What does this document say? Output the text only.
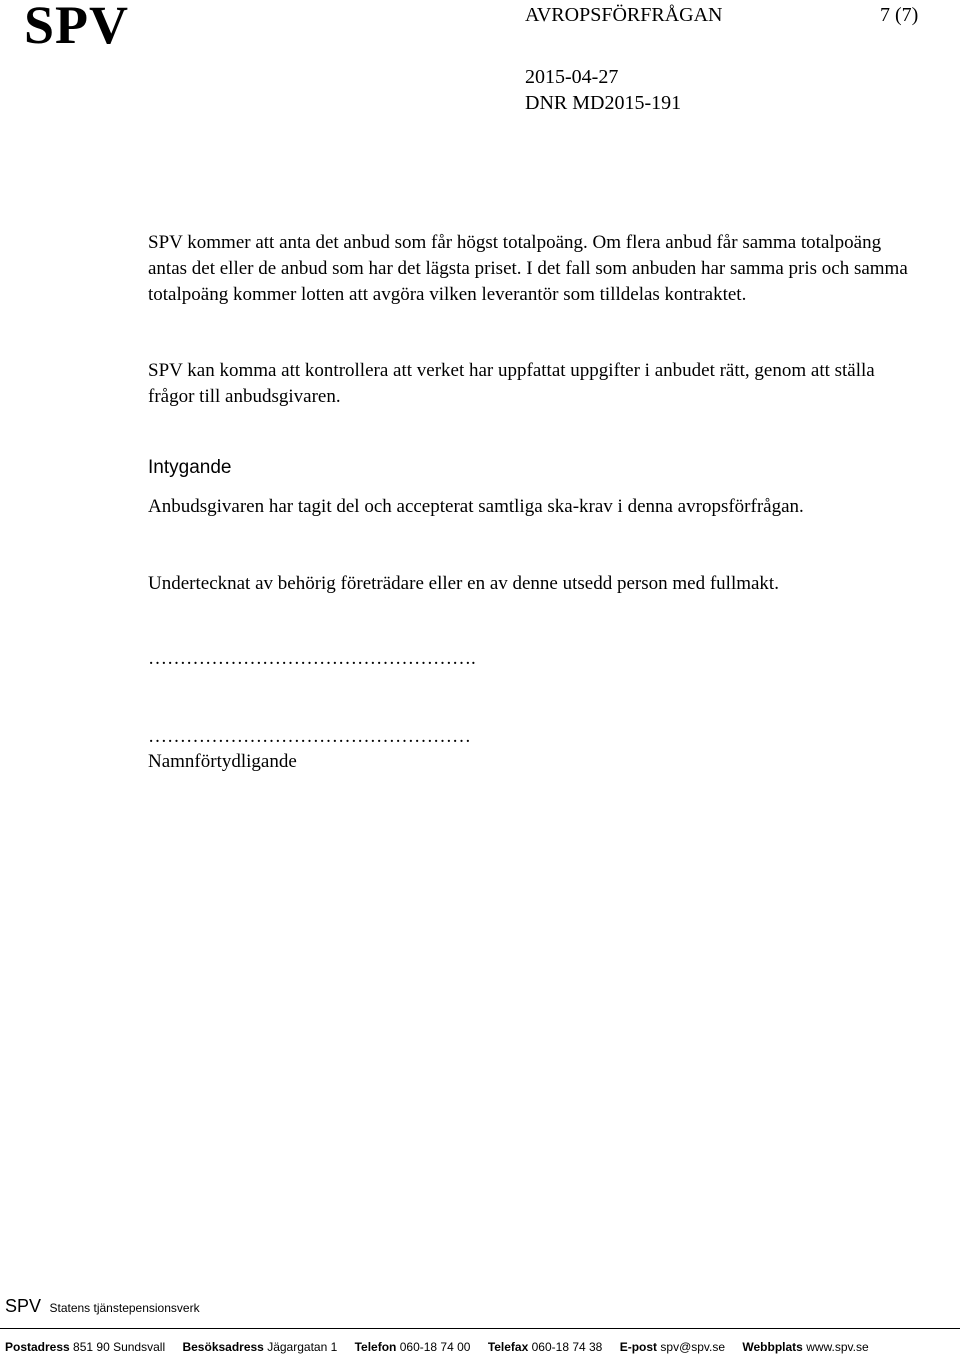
SPV	AVROPSFÖRFRÅGAN	7 (7)
2015-04-27
DNR MD2015-191

SPV kommer att anta det anbud som får högst totalpoäng. Om flera anbud får samma totalpoäng antas det eller de anbud som har det lägsta priset. I det fall som anbuden har samma pris och samma totalpoäng kommer lotten att avgöra vilken leverantör som tilldelas kontraktet.

SPV kan komma att kontrollera att verket har uppfattat uppgifter i anbudet rätt, genom att ställa frågor till anbudsgivaren.

Intygande

Anbudsgivaren har tagit del och accepterat samtliga ska-krav i denna avropsförfrågan.

Undertecknat av behörig företrädare eller en av denne utsedd person med fullmakt.

…………………………………………….
……………………………………………
Namnförtydligande
SPV Statens tjänstepensionsverk
Postadress 851 90 Sundsvall Besöksadress Jägargatan 1 Telefon 060-18 74 00 Telefax 060-18 74 38 E-post spv@spv.se Webbplats www.spv.se
